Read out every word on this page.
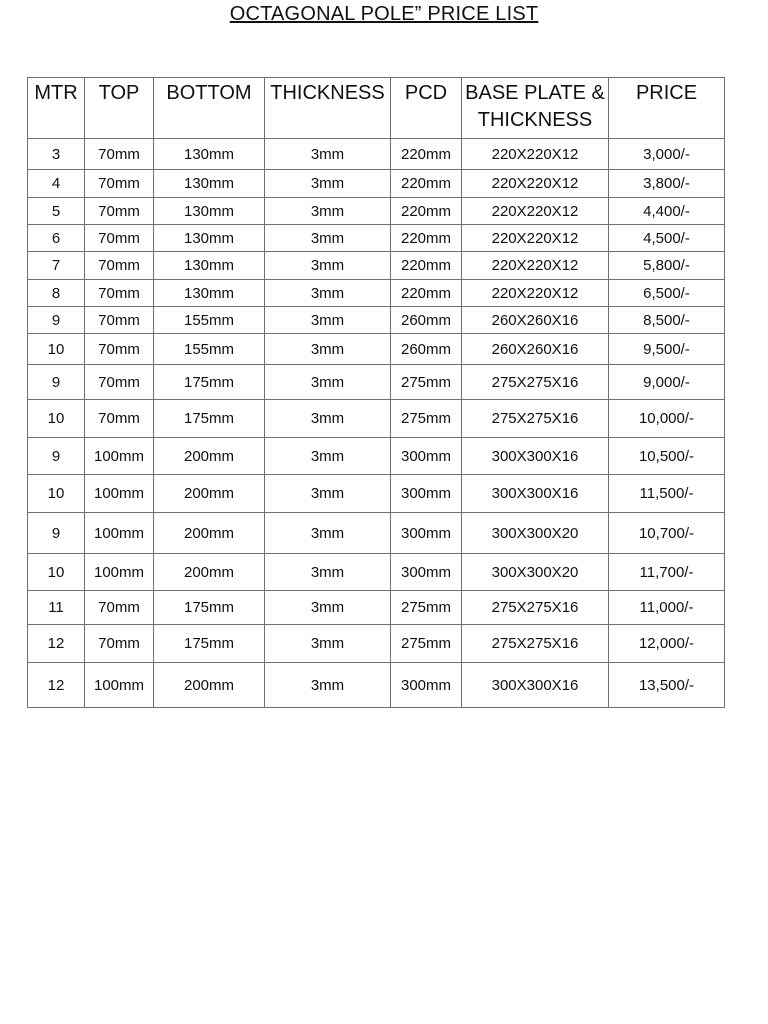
OCTAGONAL POLE” PRICE LIST
MTR	TOP	BOTTOM	THICKNESS	PCD	BASE PLATE & THICKNESS	PRICE
3	70mm	130mm	3mm	220mm	220X220X12	3,000/-
4	70mm	130mm	3mm	220mm	220X220X12	3,800/-
5	70mm	130mm	3mm	220mm	220X220X12	4,400/-
6	70mm	130mm	3mm	220mm	220X220X12	4,500/-
7	70mm	130mm	3mm	220mm	220X220X12	5,800/-
8	70mm	130mm	3mm	220mm	220X220X12	6,500/-
9	70mm	155mm	3mm	260mm	260X260X16	8,500/-
10	70mm	155mm	3mm	260mm	260X260X16	9,500/-
9	70mm	175mm	3mm	275mm	275X275X16	9,000/-
10	70mm	175mm	3mm	275mm	275X275X16	10,000/-
9	100mm	200mm	3mm	300mm	300X300X16	10,500/-
10	100mm	200mm	3mm	300mm	300X300X16	11,500/-
9	100mm	200mm	3mm	300mm	300X300X20	10,700/-
10	100mm	200mm	3mm	300mm	300X300X20	11,700/-
11	70mm	175mm	3mm	275mm	275X275X16	11,000/-
12	70mm	175mm	3mm	275mm	275X275X16	12,000/-
12	100mm	200mm	3mm	300mm	300X300X16	13,500/-
